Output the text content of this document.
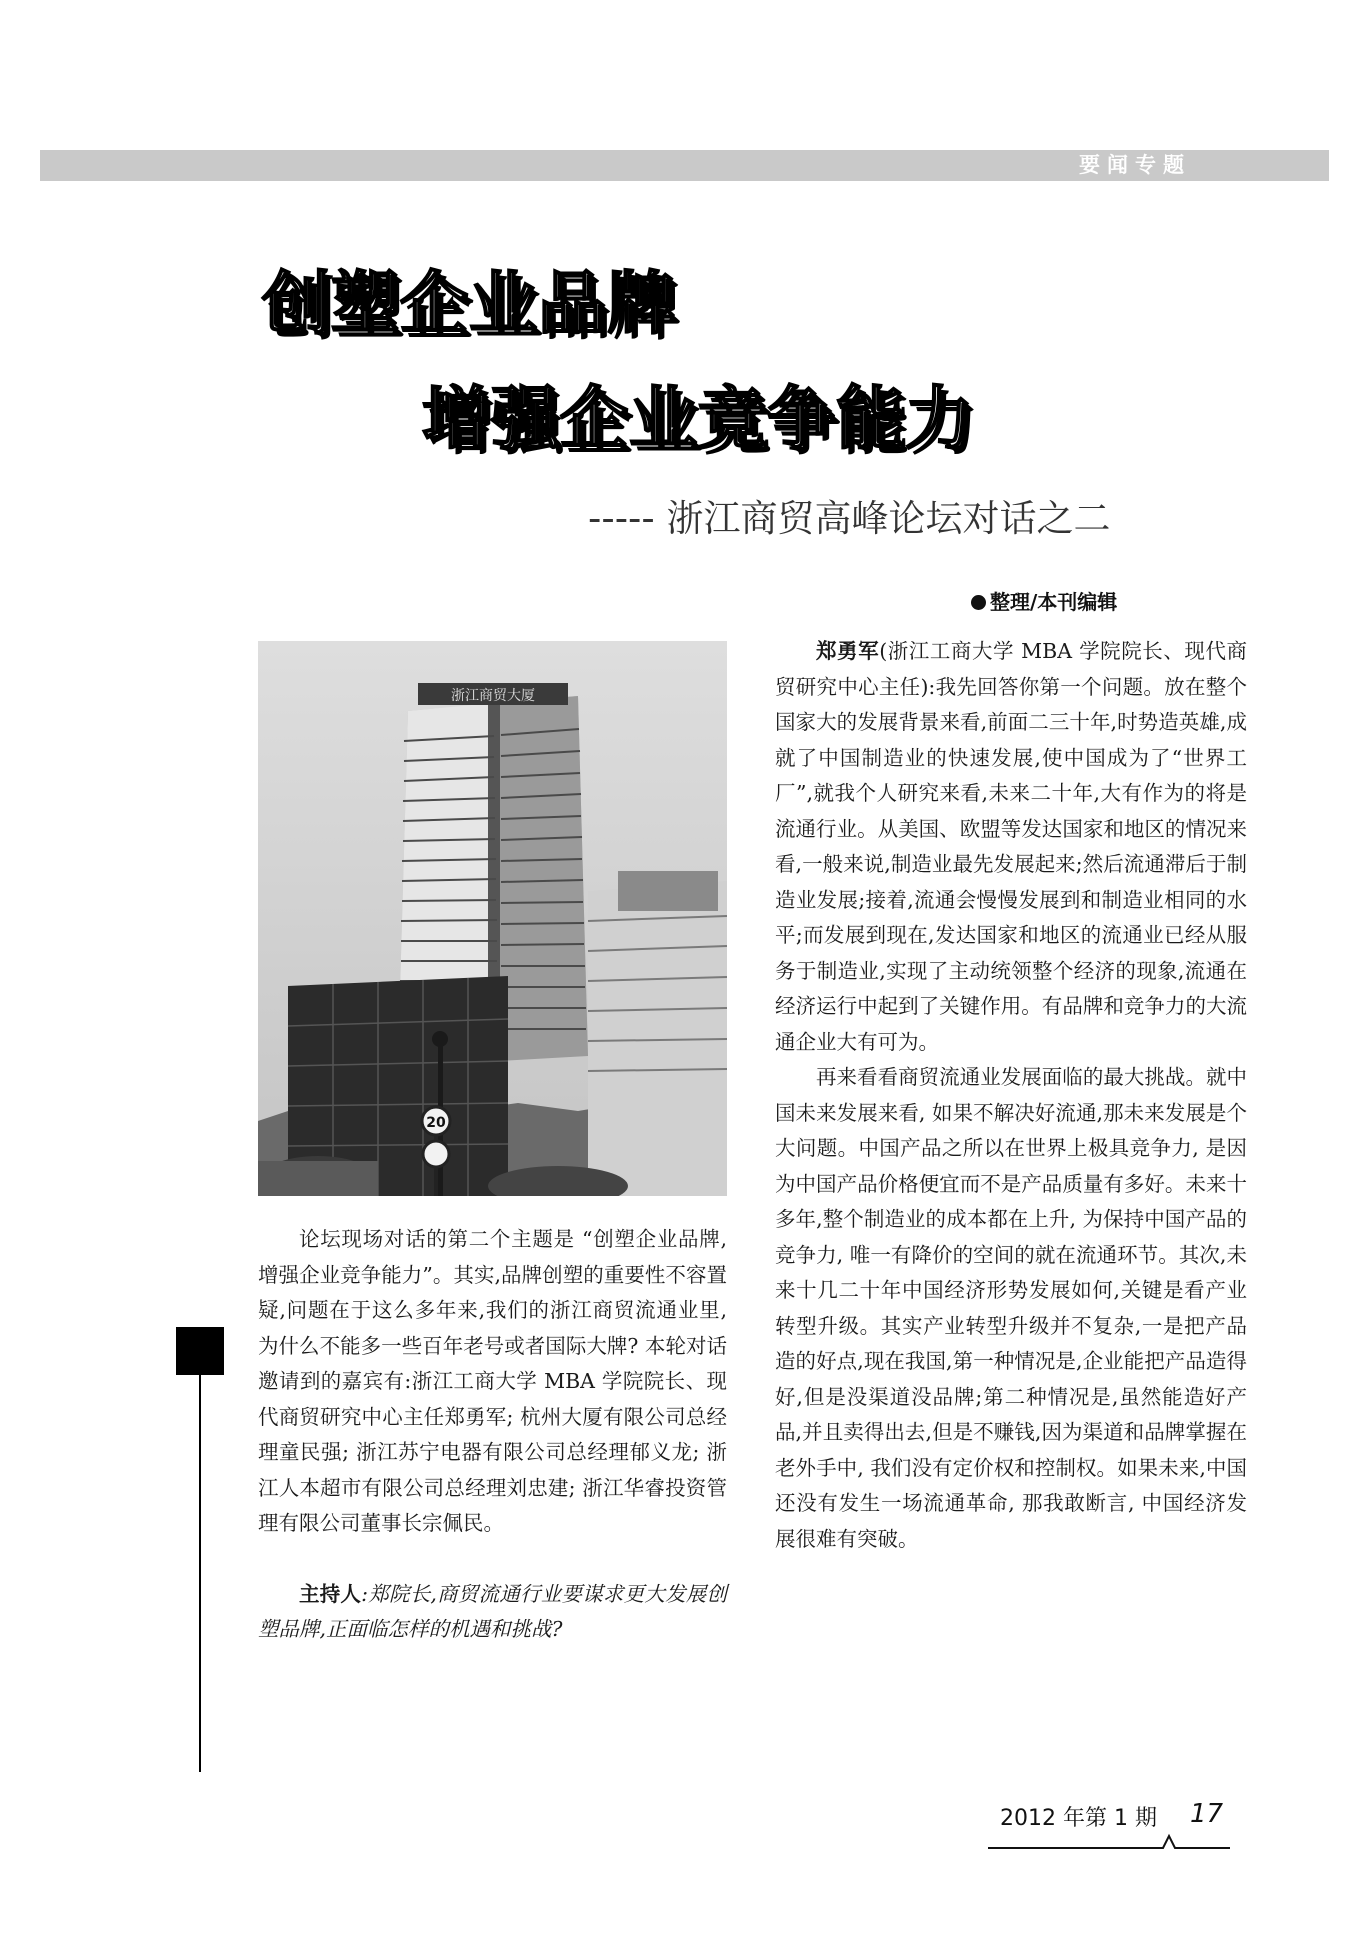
要闻专题
创塑企业品牌
增强企业竞争能力
----- 浙江商贸高峰论坛对话之二
整理/本刊编辑
浙江商贸大厦
20

论坛现场对话的第二个主题是 “创塑企业品牌,增强企业竞争能力”。其实,品牌创塑的重要性不容置疑,问题在于这么多年来,我们的浙江商贸流通业里, 为什么不能多一些百年老号或者国际大牌? 本轮对话邀请到的嘉宾有:浙江工商大学 MBA 学院院长、现代商贸研究中心主任郑勇军; 杭州大厦有限公司总经理童民强; 浙江苏宁电器有限公司总经理郁义龙; 浙江人本超市有限公司总经理刘忠建; 浙江华睿投资管理有限公司董事长宗佩民。

主持人:郑院长,商贸流通行业要谋求更大发展创塑品牌,正面临怎样的机遇和挑战?

郑勇军(浙江工商大学 MBA 学院院长、现代商贸研究中心主任):我先回答你第一个问题。放在整个国家大的发展背景来看,前面二三十年,时势造英雄,成就了中国制造业的快速发展,使中国成为了“世界工厂”,就我个人研究来看,未来二十年,大有作为的将是流通行业。从美国、欧盟等发达国家和地区的情况来看,一般来说,制造业最先发展起来;然后流通滞后于制造业发展;接着,流通会慢慢发展到和制造业相同的水平;而发展到现在,发达国家和地区的流通业已经从服务于制造业,实现了主动统领整个经济的现象,流通在经济运行中起到了关键作用。有品牌和竞争力的大流通企业大有可为。

再来看看商贸流通业发展面临的最大挑战。就中国未来发展来看, 如果不解决好流通,那未来发展是个大问题。中国产品之所以在世界上极具竞争力, 是因为中国产品价格便宜而不是产品质量有多好。未来十多年,整个制造业的成本都在上升, 为保持中国产品的竞争力, 唯一有降价的空间的就在流通环节。其次,未来十几二十年中国经济形势发展如何,关键是看产业转型升级。其实产业转型升级并不复杂,一是把产品造的好点,现在我国,第一种情况是,企业能把产品造得好,但是没渠道没品牌;第二种情况是,虽然能造好产品,并且卖得出去,但是不赚钱,因为渠道和品牌掌握在老外手中, 我们没有定价权和控制权。如果未来,中国还没有发生一场流通革命, 那我敢断言, 中国经济发展很难有突破。

2012 年第 1 期 17
